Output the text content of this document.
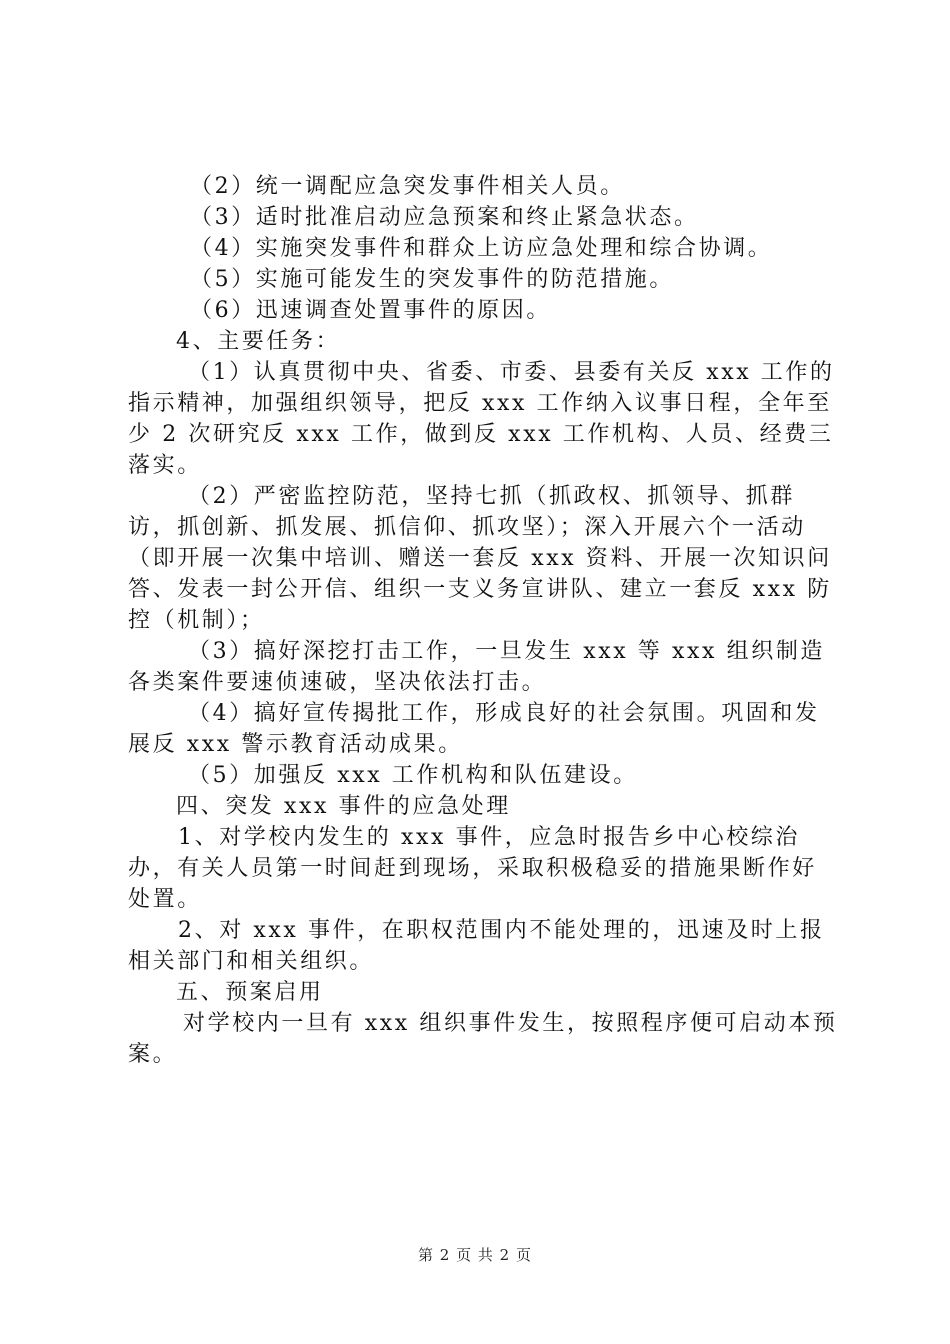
（2）统一调配应急突发事件相关人员。

（3）适时批准启动应急预案和终止紧急状态。

（4）实施突发事件和群众上访应急处理和综合协调。

（5）实施可能发生的突发事件的防范措施。

（6）迅速调查处置事件的原因。

4、主要任务：

（1）认真贯彻中央、省委、市委、县委有关反 xxx 工作的指示精神，加强组织领导，把反 xxx 工作纳入议事日程，全年至少 2 次研究反 xxx 工作，做到反 xxx 工作机构、人员、经费三落实。

（2）严密监控防范，坚持七抓（抓政权、抓领导、抓群访，抓创新、抓发展、抓信仰、抓攻坚）；深入开展六个一活动（即开展一次集中培训、赠送一套反 xxx 资料、开展一次知识问答、发表一封公开信、组织一支义务宣讲队、建立一套反 xxx 防控（机制）；

（3）搞好深挖打击工作，一旦发生 xxx 等 xxx 组织制造各类案件要速侦速破，坚决依法打击。

（4）搞好宣传揭批工作，形成良好的社会氛围。巩固和发展反 xxx 警示教育活动成果。

（5）加强反 xxx 工作机构和队伍建设。

四、突发 xxx 事件的应急处理

1、对学校内发生的 xxx 事件，应急时报告乡中心校综治办，有关人员第一时间赶到现场，采取积极稳妥的措施果断作好处置。

2、对 xxx 事件，在职权范围内不能处理的，迅速及时上报相关部门和相关组织。

五、预案启用

对学校内一旦有 xxx 组织事件发生，按照程序便可启动本预案。

第 2 页 共 2 页
